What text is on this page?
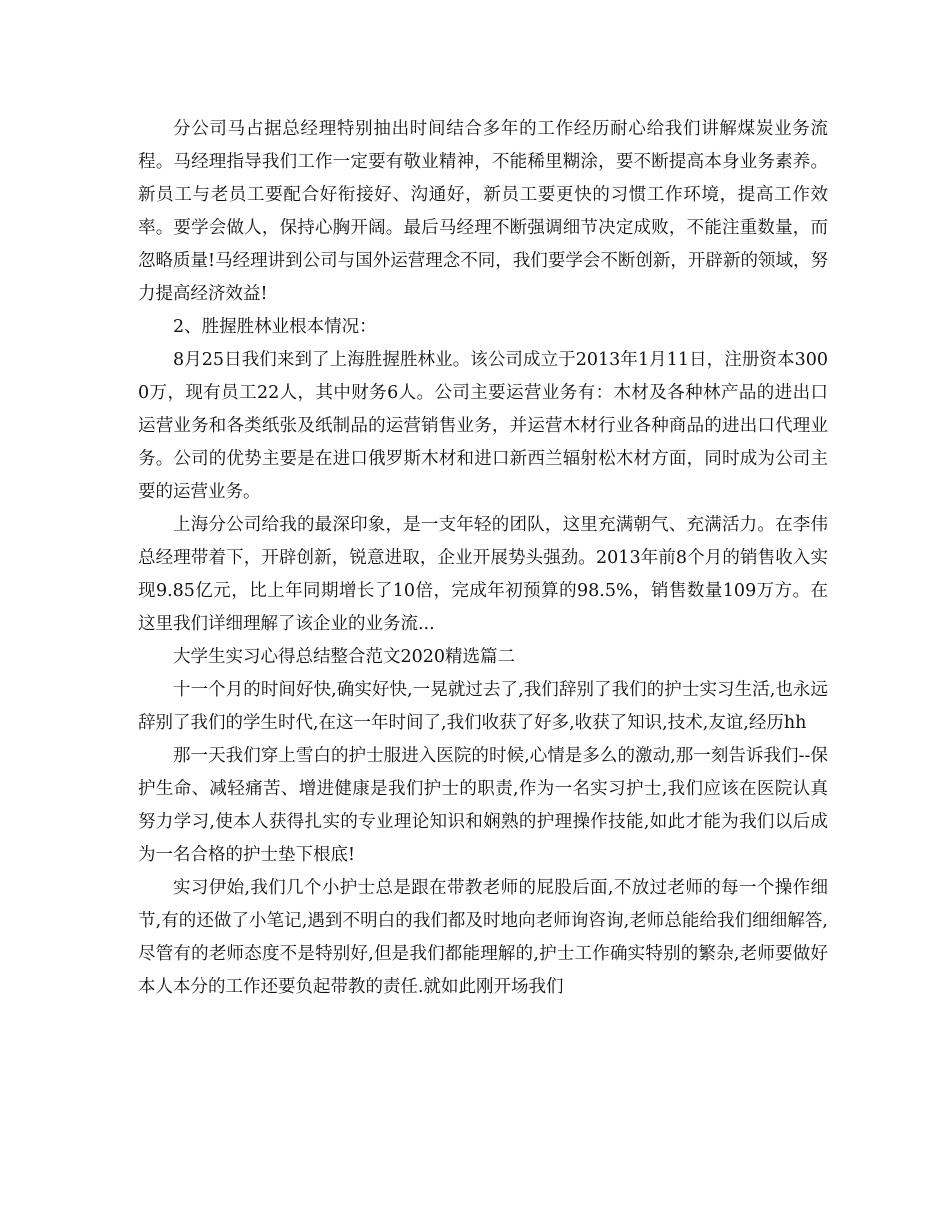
分公司马占据总经理特别抽出时间结合多年的工作经历耐心给我们讲解煤炭业务流程。马经理指导我们工作一定要有敬业精神，不能稀里糊涂，要不断提高本身业务素养。新员工与老员工要配合好衔接好、沟通好，新员工要更快的习惯工作环境，提高工作效率。要学会做人，保持心胸开阔。最后马经理不断强调细节决定成败，不能注重数量，而忽略质量!马经理讲到公司与国外运营理念不同，我们要学会不断创新，开辟新的领域，努力提高经济效益!

2、胜握胜林业根本情况：

8月25日我们来到了上海胜握胜林业。该公司成立于2013年1月11日，注册资本3000万，现有员工22人，其中财务6人。公司主要运营业务有：木材及各种林产品的进出口运营业务和各类纸张及纸制品的运营销售业务，并运营木材行业各种商品的进出口代理业务。公司的优势主要是在进口俄罗斯木材和进口新西兰辐射松木材方面，同时成为公司主要的运营业务。

上海分公司给我的最深印象，是一支年轻的团队，这里充满朝气、充满活力。在李伟总经理带着下，开辟创新，锐意进取，企业开展势头强劲。2013年前8个月的销售收入实现9.85亿元，比上年同期增长了10倍，完成年初预算的98.5%，销售数量109万方。在这里我们详细理解了该企业的业务流...

大学生实习心得总结整合范文2020精选篇二

十一个月的时间好快,确实好快,一晃就过去了,我们辞别了我们的护士实习生活,也永远辞别了我们的学生时代,在这一年时间了,我们收获了好多,收获了知识,技术,友谊,经历hh

那一天我们穿上雪白的护士服进入医院的时候,心情是多么的激动,那一刻告诉我们--保护生命、减轻痛苦、增进健康是我们护士的职责,作为一名实习护士,我们应该在医院认真努力学习,使本人获得扎实的专业理论知识和娴熟的护理操作技能,如此才能为我们以后成为一名合格的护士垫下根底!

实习伊始,我们几个小护士总是跟在带教老师的屁股后面,不放过老师的每一个操作细节,有的还做了小笔记,遇到不明白的我们都及时地向老师询咨询,老师总能给我们细细解答,尽管有的老师态度不是特别好,但是我们都能理解的,护士工作确实特别的繁杂,老师要做好本人本分的工作还要负起带教的责任.就如此刚开场我们
